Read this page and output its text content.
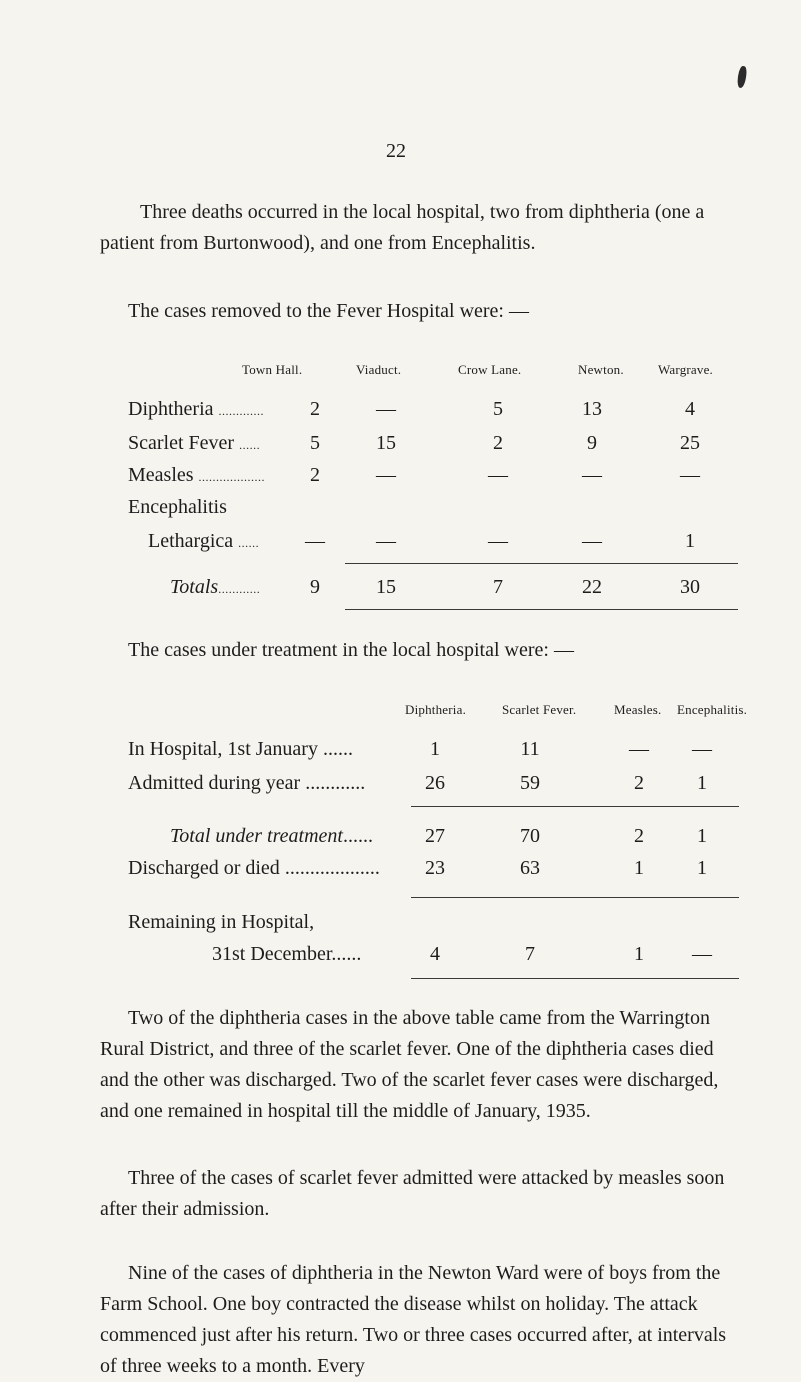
22
Three deaths occurred in the local hospital, two from diphtheria (one a patient from Burtonwood), and one from Encephalitis.
The cases removed to the Fever Hospital were: —
Town Hall.	Viaduct.	Crow Lane.	Newton.	Wargrave.
Diphtheria .............	2	—	5	13	4
Scarlet Fever ......	5	15	2	9	25
Measles ...................	2	—	—	—	—
Encephalitis
Lethargica ......	—	—	—	—	1
Totals............	9	15	7	22	30
The cases under treatment in the local hospital were: —
Diphtheria.	Scarlet Fever.	Measles. Encephalitis.
In Hospital, 1st January ......	1	11	—	—
Admitted during year ............	26	59	2	1
Total under treatment......	27	70	2	1
Discharged or died ...................	23	63	1	1
Remaining in Hospital,
31st December......	4	7	1	—
Two of the diphtheria cases in the above table came from the Warrington Rural District, and three of the scarlet fever. One of the diphtheria cases died and the other was discharged. Two of the scarlet fever cases were discharged, and one remained in hospital till the middle of January, 1935.
Three of the cases of scarlet fever admitted were attacked by measles soon after their admission.
Nine of the cases of diphtheria in the Newton Ward were of boys from the Farm School. One boy contracted the disease whilst on holiday. The attack commenced just after his return. Two or three cases occurred after, at intervals of three weeks to a month. Every
